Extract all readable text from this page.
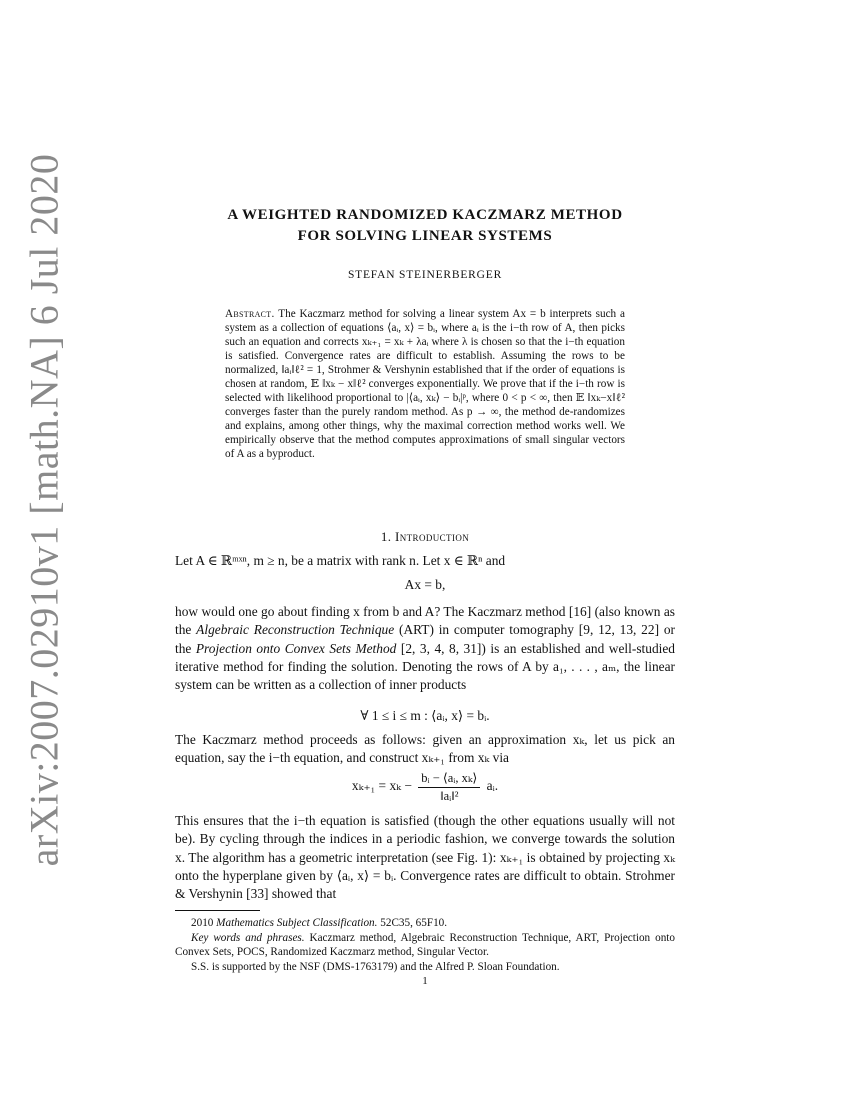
arXiv:2007.02910v1 [math.NA] 6 Jul 2020	A WEIGHTED RANDOMIZED KACZMARZ METHOD
FOR SOLVING LINEAR SYSTEMS
STEFAN STEINERBERGER
Abstract. The Kaczmarz method for solving a linear system Ax = b interprets such a system as a collection of equations ⟨aᵢ, x⟩ = bᵢ, where aᵢ is the i−th row of A, then picks such an equation and corrects xₖ₊₁ = xₖ + λaᵢ where λ is chosen so that the i−th equation is satisfied. Convergence rates are difficult to establish. Assuming the rows to be normalized, ‖aᵢ‖ℓ² = 1, Strohmer & Vershynin established that if the order of equations is chosen at random, 𝔼 ‖xₖ − x‖ℓ² converges exponentially. We prove that if the i−th row is selected with likelihood proportional to |⟨aᵢ, xₖ⟩ − bᵢ|ᵖ, where 0 < p < ∞, then 𝔼 ‖xₖ−x‖ℓ² converges faster than the purely random method. As p → ∞, the method de-randomizes and explains, among other things, why the maximal correction method works well. We empirically observe that the method computes approximations of small singular vectors of A as a byproduct.
1. Introduction
Let A ∈ ℝᵐˣⁿ, m ≥ n, be a matrix with rank n. Let x ∈ ℝⁿ and
Ax = b,
how would one go about finding x from b and A? The Kaczmarz method [16] (also known as the Algebraic Reconstruction Technique (ART) in computer tomography [9, 12, 13, 22] or the Projection onto Convex Sets Method [2, 3, 4, 8, 31]) is an established and well-studied iterative method for finding the solution. Denoting the rows of A by a₁, . . . , aₘ, the linear system can be written as a collection of inner products
∀ 1 ≤ i ≤ m : ⟨aᵢ, x⟩ = bᵢ.
The Kaczmarz method proceeds as follows: given an approximation xₖ, let us pick an equation, say the i−th equation, and construct xₖ₊₁ from xₖ via
$x_{k+1} = x_k - \frac{\text{bᵢ − ⟨aᵢ, xₖ⟩}}{\text{‖aᵢ‖²}}$ aᵢ.
This ensures that the i−th equation is satisfied (though the other equations usually will not be). By cycling through the indices in a periodic fashion, we converge towards the solution x. The algorithm has a geometric interpretation (see Fig. 1): xₖ₊₁ is obtained by projecting xₖ onto the hyperplane given by ⟨aᵢ, x⟩ = bᵢ. Convergence rates are difficult to obtain. Strohmer & Vershynin [33] showed that

2010 Mathematics Subject Classification. 52C35, 65F10.

Key words and phrases. Kaczmarz method, Algebraic Reconstruction Technique, ART, Projection onto Convex Sets, POCS, Randomized Kaczmarz method, Singular Vector.

S.S. is supported by the NSF (DMS-1763179) and the Alfred P. Sloan Foundation.

1
